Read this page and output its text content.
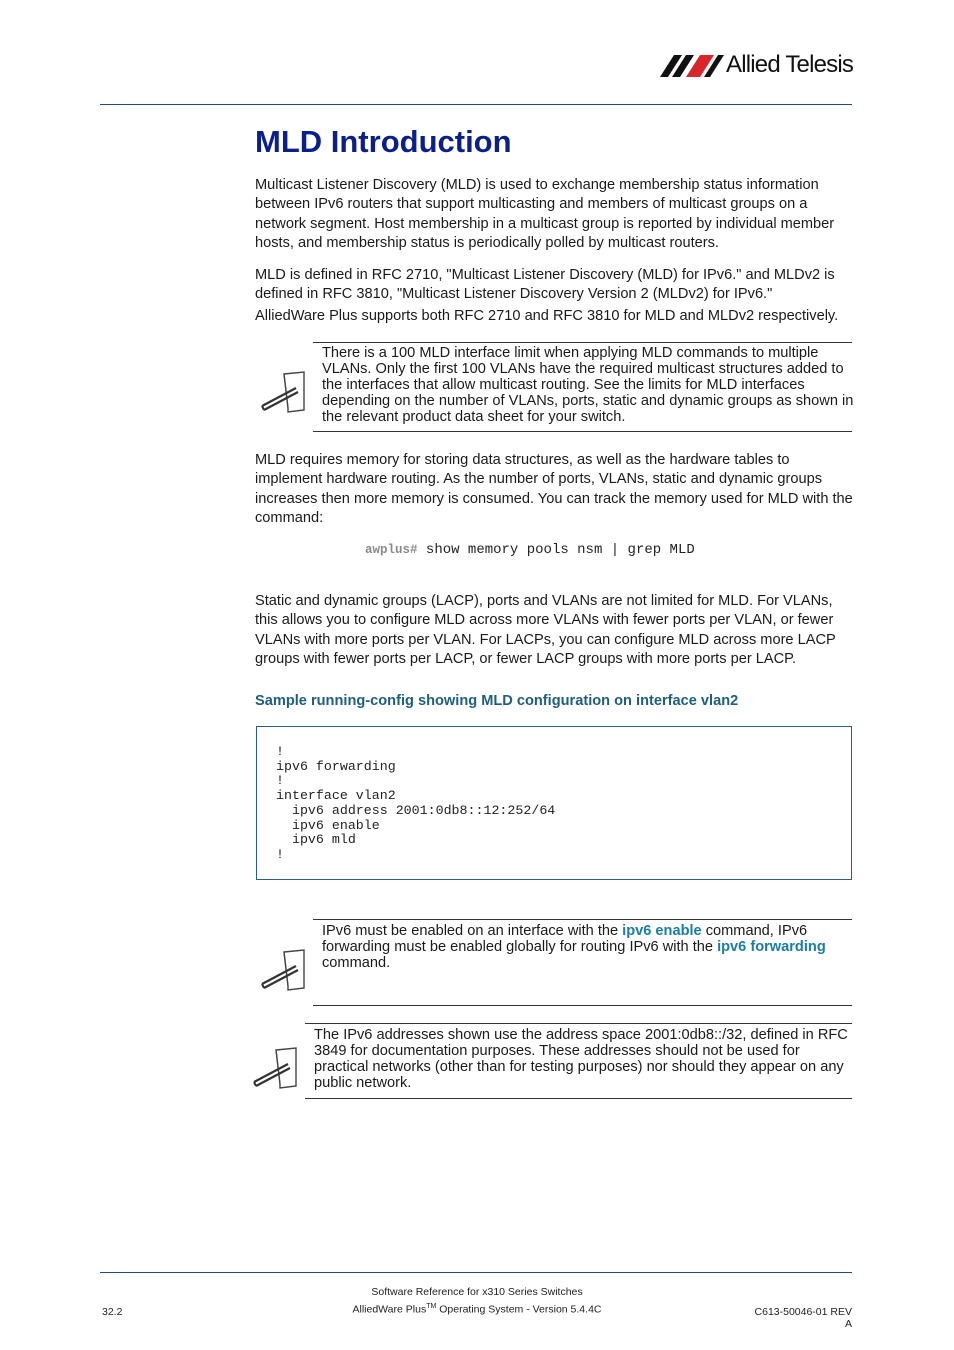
Allied Telesis
MLD Introduction

Multicast Listener Discovery (MLD) is used to exchange membership status information between IPv6 routers that support multicasting and members of multicast groups on a network segment. Host membership in a multicast group is reported by individual member hosts, and membership status is periodically polled by multicast routers.

MLD is defined in RFC 2710, "Multicast Listener Discovery (MLD) for IPv6." and MLDv2 is defined in RFC 3810, "Multicast Listener Discovery Version 2 (MLDv2) for IPv6."

AlliedWare Plus supports both RFC 2710 and RFC 3810 for MLD and MLDv2 respectively.

There is a 100 MLD interface limit when applying MLD commands to multiple VLANs. Only the first 100 VLANs have the required multicast structures added to the interfaces that allow multicast routing. See the limits for MLD interfaces depending on the number of VLANs, ports, static and dynamic groups as shown in the relevant product data sheet for your switch.

MLD requires memory for storing data structures, as well as the hardware tables to implement hardware routing. As the number of ports, VLANs, static and dynamic groups increases then more memory is consumed. You can track the memory used for MLD with the command:

awplus# show memory pools nsm | grep MLD

Static and dynamic groups (LACP), ports and VLANs are not limited for MLD. For VLANs, this allows you to configure MLD across more VLANs with fewer ports per VLAN, or fewer VLANs with more ports per VLAN. For LACPs, you can configure MLD across more LACP groups with fewer ports per LACP, or fewer LACP groups with more ports per LACP.

Sample running-config showing MLD configuration on interface vlan2
!
ipv6 forwarding
!
interface vlan2
ipv6 address 2001:0db8::12:252/64
ipv6 enable
ipv6 mld
!

IPv6 must be enabled on an interface with the ipv6 enable command, IPv6 forwarding must be enabled globally for routing IPv6 with the ipv6 forwarding command.

The IPv6 addresses shown use the address space 2001:0db8::/32, defined in RFC 3849 for documentation purposes. These addresses should not be used for practical networks (other than for testing purposes) nor should they appear on any public network.

Software Reference for x310 Series Switches
32.2	AlliedWare Plus™ Operating System - Version 5.4.4C	C613-50046-01 REV A
